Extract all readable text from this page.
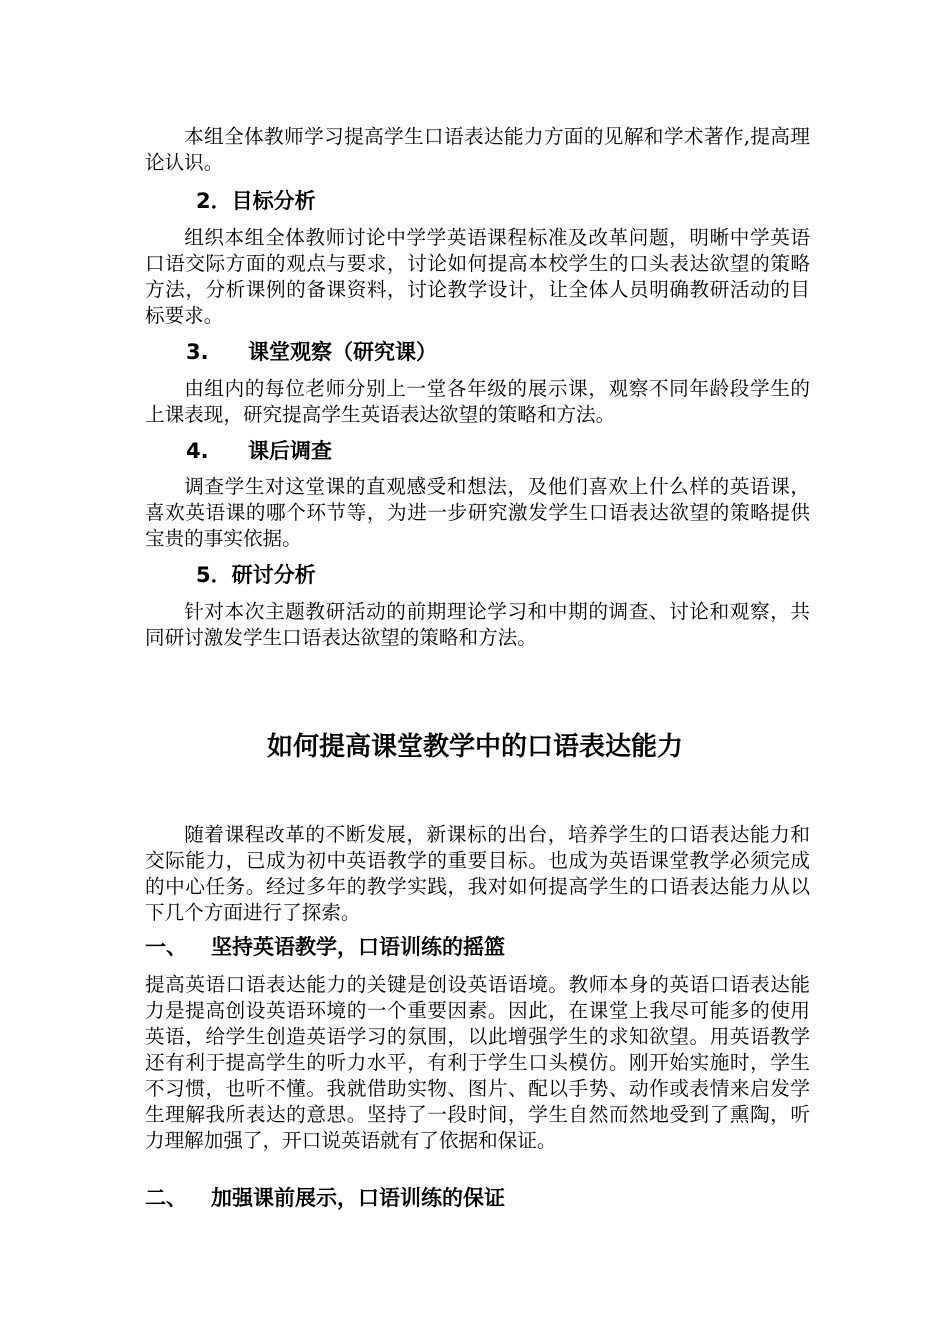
本组全体教师学习提高学生口语表达能力方面的见解和学术著作,提高理论认识。

2．目标分析

组织本组全体教师讨论中学学英语课程标准及改革问题，明晰中学英语口语交际方面的观点与要求，讨论如何提高本校学生的口头表达欲望的策略方法，分析课例的备课资料，讨论教学设计，让全体人员明确教研活动的目标要求。

3. 课堂观察（研究课）

由组内的每位老师分别上一堂各年级的展示课，观察不同年龄段学生的上课表现，研究提高学生英语表达欲望的策略和方法。

4. 课后调查

调查学生对这堂课的直观感受和想法，及他们喜欢上什么样的英语课，喜欢英语课的哪个环节等，为进一步研究激发学生口语表达欲望的策略提供宝贵的事实依据。

5．研讨分析

针对本次主题教研活动的前期理论学习和中期的调查、讨论和观察，共同研讨激发学生口语表达欲望的策略和方法。

如何提高课堂教学中的口语表达能力

随着课程改革的不断发展，新课标的出台，培养学生的口语表达能力和交际能力，已成为初中英语教学的重要目标。也成为英语课堂教学必须完成的中心任务。经过多年的教学实践，我对如何提高学生的口语表达能力从以下几个方面进行了探索。

一、 坚持英语教学，口语训练的摇篮

提高英语口语表达能力的关键是创设英语语境。教师本身的英语口语表达能力是提高创设英语环境的一个重要因素。因此，在课堂上我尽可能多的使用英语，给学生创造英语学习的氛围，以此增强学生的求知欲望。用英语教学还有利于提高学生的听力水平，有利于学生口头模仿。刚开始实施时，学生不习惯，也听不懂。我就借助实物、图片、配以手势、动作或表情来启发学生理解我所表达的意思。坚持了一段时间，学生自然而然地受到了熏陶，听力理解加强了，开口说英语就有了依据和保证。

二、 加强课前展示，口语训练的保证
